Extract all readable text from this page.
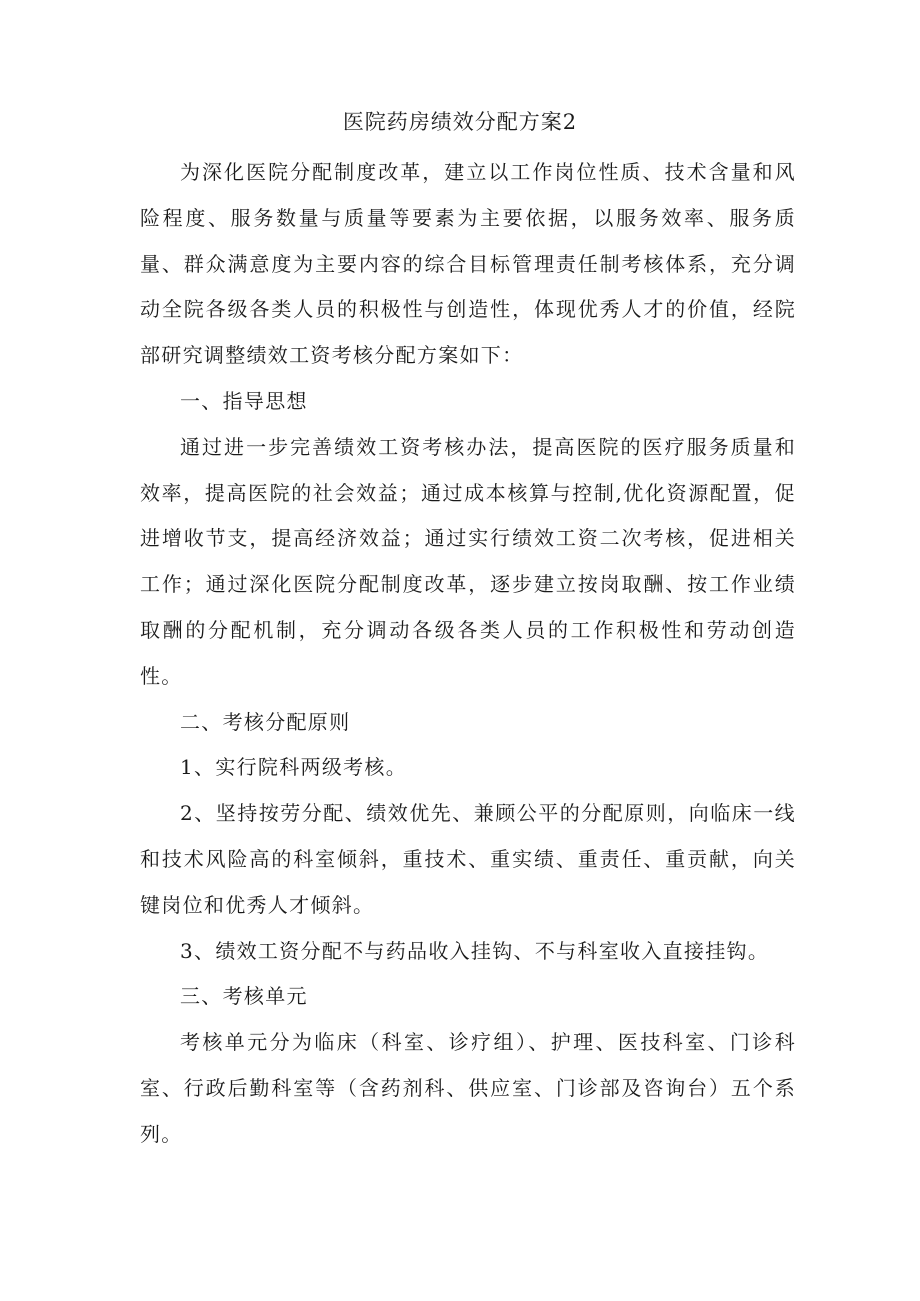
医院药房绩效分配方案2

为深化医院分配制度改革，建立以工作岗位性质、技术含量和风险程度、服务数量与质量等要素为主要依据，以服务效率、服务质量、群众满意度为主要内容的综合目标管理责任制考核体系，充分调动全院各级各类人员的积极性与创造性，体现优秀人才的价值，经院部研究调整绩效工资考核分配方案如下：

一、指导思想

通过进一步完善绩效工资考核办法，提高医院的医疗服务质量和效率，提高医院的社会效益；通过成本核算与控制,优化资源配置，促进增收节支，提高经济效益；通过实行绩效工资二次考核，促进相关工作；通过深化医院分配制度改革，逐步建立按岗取酬、按工作业绩取酬的分配机制，充分调动各级各类人员的工作积极性和劳动创造性。

二、考核分配原则

1、实行院科两级考核。

2、坚持按劳分配、绩效优先、兼顾公平的分配原则，向临床一线和技术风险高的科室倾斜，重技术、重实绩、重责任、重贡献，向关键岗位和优秀人才倾斜。

3、绩效工资分配不与药品收入挂钩、不与科室收入直接挂钩。

三、考核单元

考核单元分为临床（科室、诊疗组）、护理、医技科室、门诊科室、行政后勤科室等（含药剂科、供应室、门诊部及咨询台）五个系列。
